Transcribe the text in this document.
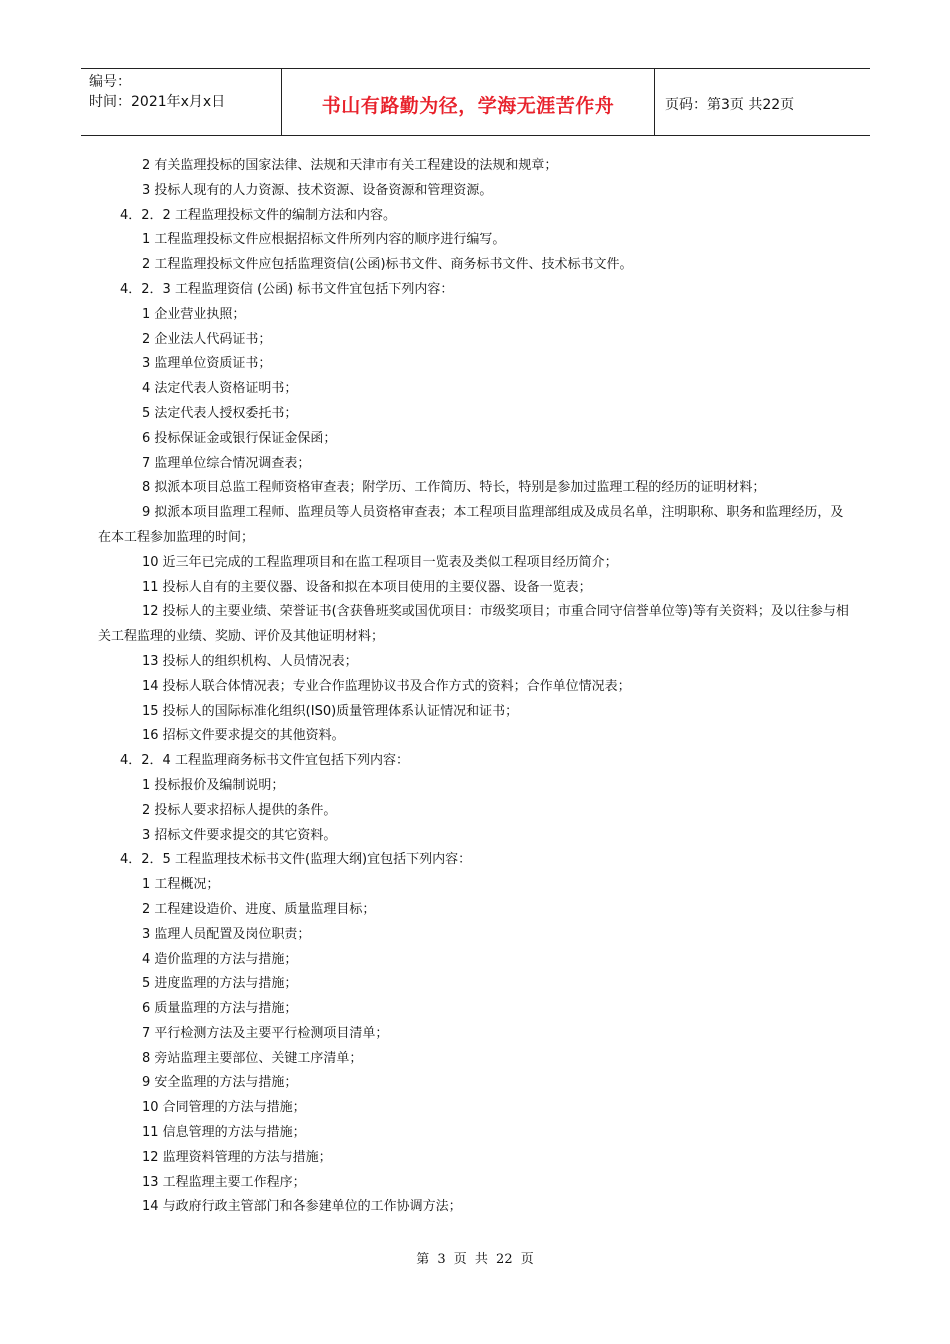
编号：
时间：2021年x月x日	书山有路勤为径，学海无涯苦作舟	页码：第3页 共22页

2 有关监理投标的国家法律、法规和天津市有关工程建设的法规和规章；

3 投标人现有的人力资源、技术资源、设备资源和管理资源。

4．2．2 工程监理投标文件的编制方法和内容。

1 工程监理投标文件应根据招标文件所列内容的顺序进行编写。

2 工程监理投标文件应包括监理资信(公函)标书文件、商务标书文件、技术标书文件。

4．2．3 工程监理资信 (公函) 标书文件宜包括下列内容：

1 企业营业执照；

2 企业法人代码证书；

3 监理单位资质证书；

4 法定代表人资格证明书；

5 法定代表人授权委托书；

6 投标保证金或银行保证金保函；

7 监理单位综合情况调查表；

8 拟派本项目总监工程师资格审查表；附学历、工作简历、特长，特别是参加过监理工程的经历的证明材料；

9 拟派本项目监理工程师、监理员等人员资格审查表；本工程项目监理部组成及成员名单，注明职称、职务和监理经历，及在本工程参加监理的时间；

10 近三年已完成的工程监理项目和在监工程项目一览表及类似工程项目经历简介；

11 投标人自有的主要仪器、设备和拟在本项目使用的主要仪器、设备一览表；

12 投标人的主要业绩、荣誉证书(含获鲁班奖或国优项目：市级奖项目；市重合同守信誉单位等)等有关资料；及以往参与相关工程监理的业绩、奖励、评价及其他证明材料；

13 投标人的组织机构、人员情况表；

14 投标人联合体情况表；专业合作监理协议书及合作方式的资料；合作单位情况表；

15 投标人的国际标准化组织(IS0)质量管理体系认证情况和证书；

16 招标文件要求提交的其他资料。

4．2．4 工程监理商务标书文件宜包括下列内容：

1 投标报价及编制说明；

2 投标人要求招标人提供的条件。

3 招标文件要求提交的其它资料。

4．2．5 工程监理技术标书文件(监理大纲)宜包括下列内容：

1 工程概况；

2 工程建设造价、进度、质量监理目标；

3 监理人员配置及岗位职责；

4 造价监理的方法与措施；

5 进度监理的方法与措施；

6 质量监理的方法与措施；

7 平行检测方法及主要平行检测项目清单；

8 旁站监理主要部位、关键工序清单；

9 安全监理的方法与措施；

10 合同管理的方法与措施；

11 信息管理的方法与措施；

12 监理资料管理的方法与措施；

13 工程监理主要工作程序；

14 与政府行政主管部门和各参建单位的工作协调方法；

第 3 页 共 22 页
